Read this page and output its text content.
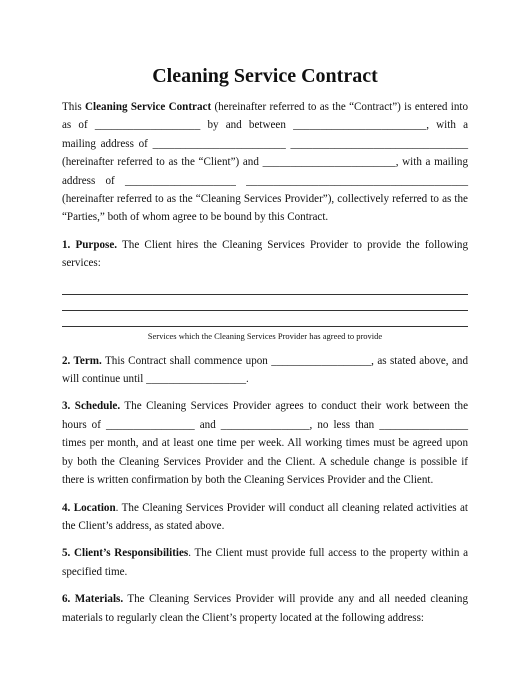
Cleaning Service Contract

This Cleaning Service Contract (hereinafter referred to as the “Contract”) is entered into as of ___________________ by and between ________________________, with a mailing address of ________________________ ________________________________ (hereinafter referred to as the “Client”) and ________________________, with a mailing address of ____________________ ________________________________________ (hereinafter referred to as the “Cleaning Services Provider”), collectively referred to as the “Parties,” both of whom agree to be bound by this Contract.

1. Purpose. The Client hires the Cleaning Services Provider to provide the following services:

Services which the Cleaning Services Provider has agreed to provide

2. Term. This Contract shall commence upon __________________, as stated above, and will continue until __________________.

3. Schedule. The Cleaning Services Provider agrees to conduct their work between the hours of ________________ and ________________, no less than ________________ times per month, and at least one time per week. All working times must be agreed upon by both the Cleaning Services Provider and the Client. A schedule change is possible if there is written confirmation by both the Cleaning Services Provider and the Client.

4. Location. The Cleaning Services Provider will conduct all cleaning related activities at the Client’s address, as stated above.

5. Client’s Responsibilities. The Client must provide full access to the property within a specified time.

6. Materials. The Cleaning Services Provider will provide any and all needed cleaning materials to regularly clean the Client’s property located at the following address:
